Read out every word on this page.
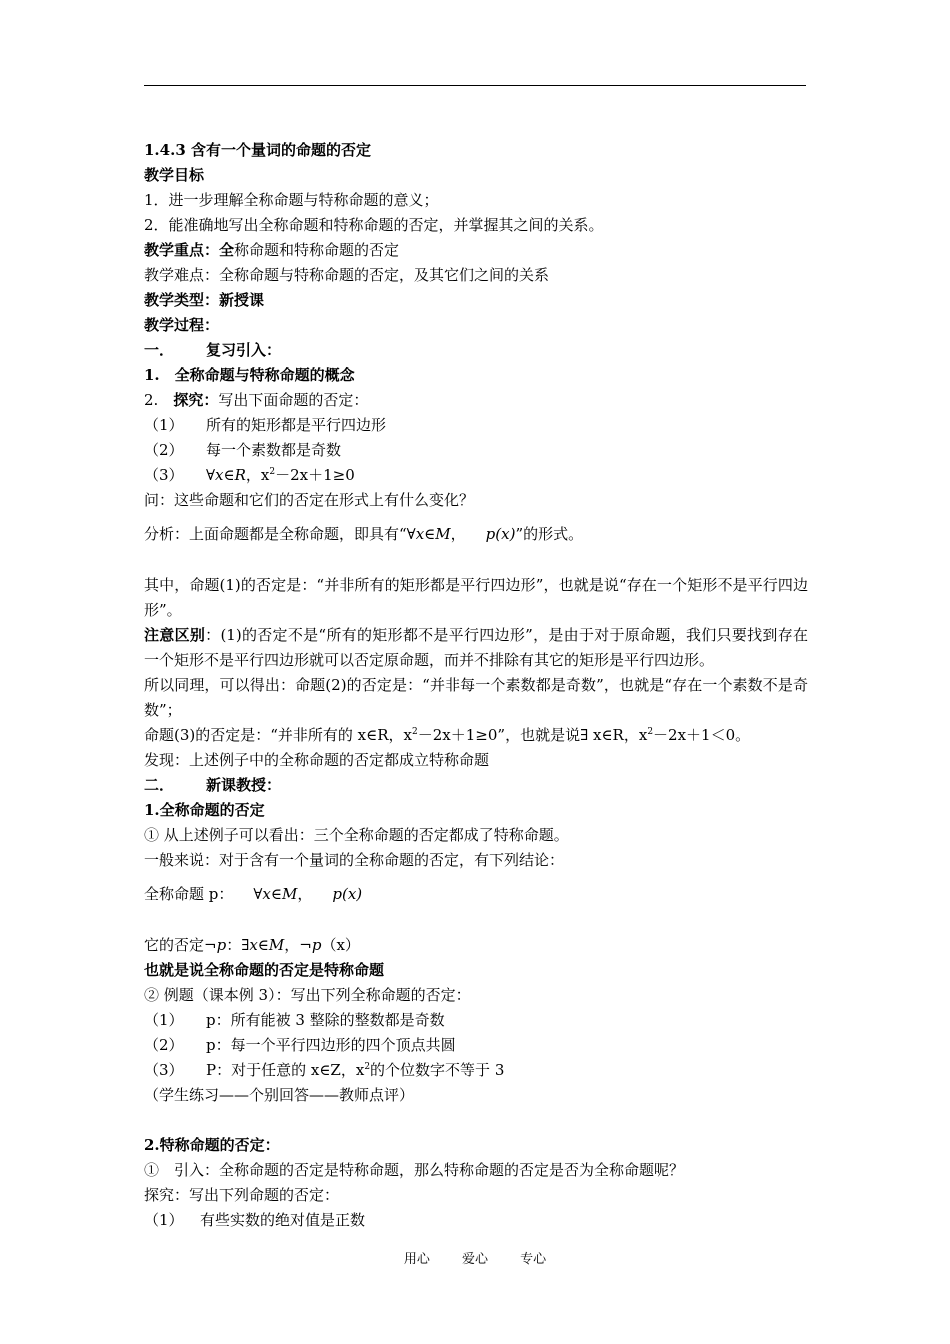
1.4.3 含有一个量词的命题的否定

教学目标

1．进一步理解全称命题与特称命题的意义；

2．能准确地写出全称命题和特称命题的否定，并掌握其之间的关系。

教学重点：全称命题和特称命题的否定

教学难点：全称命题与特称命题的否定，及其它们之间的关系

教学类型：新授课

教学过程：

一． 复习引入：

1.　全称命题与特称命题的概念

2.　探究：写出下面命题的否定：

（1） 所有的矩形都是平行四边形

（2） 每一个素数都是奇数

（3） ∀x∈R，$x^2-2x+1\ge 0$

问：这些命题和它们的否定在形式上有什么变化？

分析：上面命题都是全称命题，即具有“∀x∈M， p(x)”的形式。

其中，命题(1)的否定是：“并非所有的矩形都是平行四边形”，也就是说“存在一个矩形不是平行四边形”。

注意区别：(1)的否定不是“所有的矩形都不是平行四边形”，是由于对于原命题，我们只要找到存在一个矩形不是平行四边形就可以否定原命题，而并不排除有其它的矩形是平行四边形。

所以同理，可以得出：命题(2)的否定是：“并非每一个素数都是奇数”，也就是“存在一个素数不是奇数”；

命题(3)的否定是：“并非所有的 x∈R，$x^2-2x+1\ge 0$”，也就是说∃ x∈R，$x^2-2x+1<0$。

发现：上述例子中的全称命题的否定都成立特称命题

二． 新课教授：

1.全称命题的否定

① 从上述例子可以看出：三个全称命题的否定都成了特称命题。

一般来说：对于含有一个量词的全称命题的否定，有下列结论：

全称命题 p： ∀x∈M， p(x)

它的否定¬p：∃x∈M，¬p（x）

也就是说全称命题的否定是特称命题

② 例题（课本例 3）：写出下列全称命题的否定：

（1） p：所有能被 3 整除的整数都是奇数

（2） p：每一个平行四边形的四个顶点共圆

（3） P：对于任意的 x∈Z，$x^2$的个位数字不等于 3

（学生练习——个别回答——教师点评）

2.特称命题的否定：

①　引入：全称命题的否定是特称命题，那么特称命题的否定是否为全称命题呢？

探究：写出下列命题的否定：

（1） 有些实数的绝对值是正数

用心 爱心 专心
